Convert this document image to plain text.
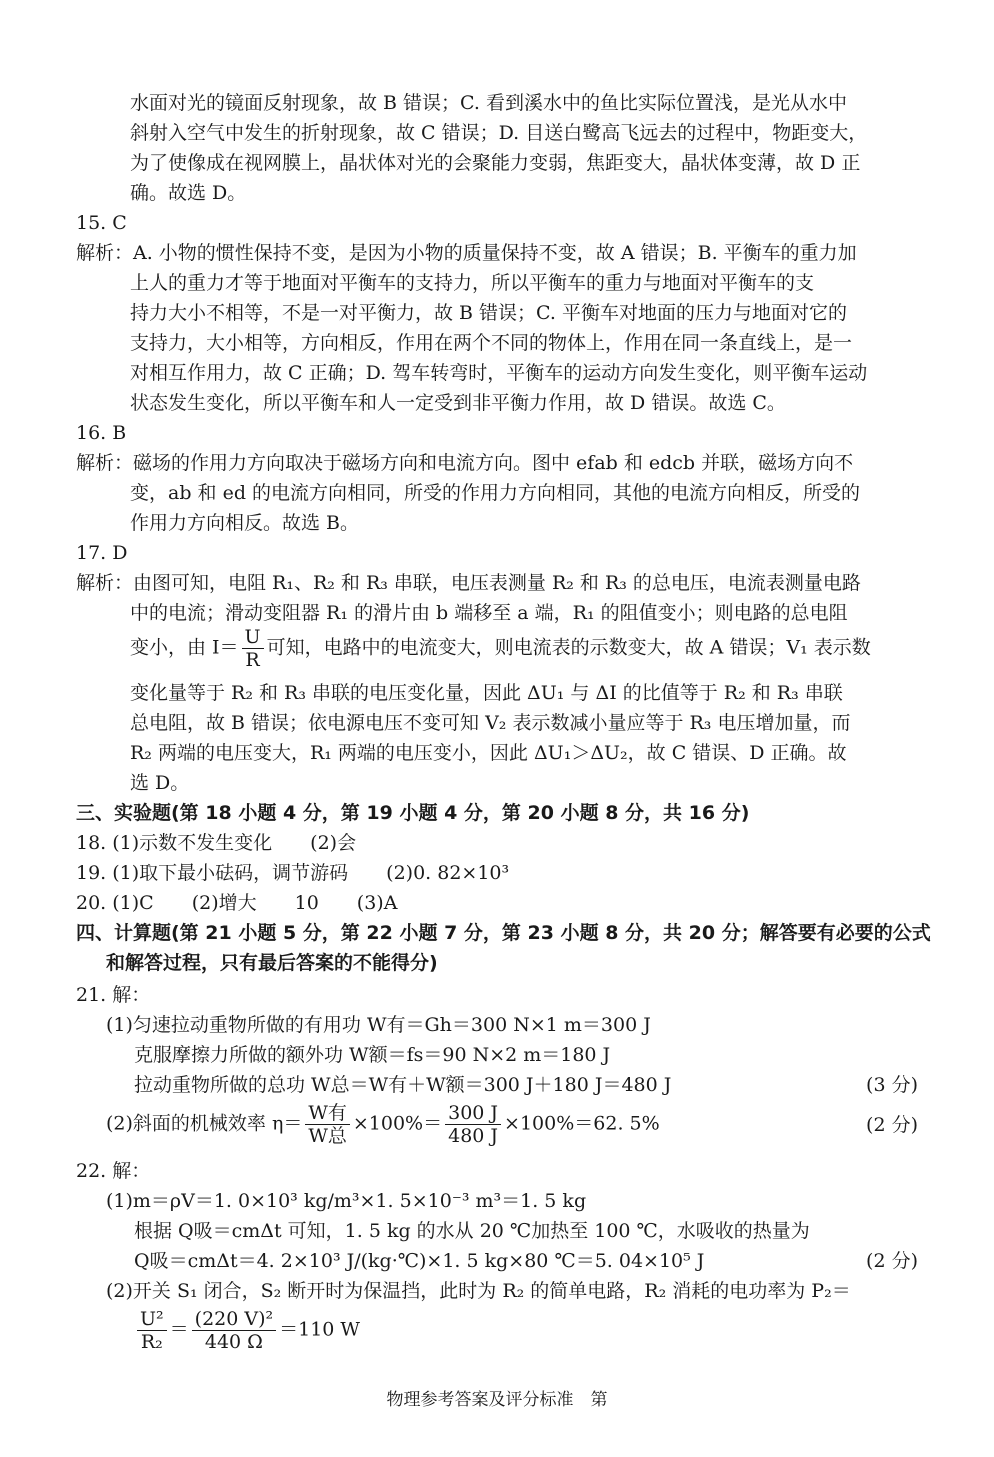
水面对光的镜面反射现象，故 B 错误；C. 看到溪水中的鱼比实际位置浅，是光从水中
斜射入空气中发生的折射现象，故 C 错误；D. 目送白鹭高飞远去的过程中，物距变大，
为了使像成在视网膜上，晶状体对光的会聚能力变弱，焦距变大，晶状体变薄，故 D 正
确。故选 D。
15. C
解析：A. 小物的惯性保持不变，是因为小物的质量保持不变，故 A 错误；B. 平衡车的重力加
上人的重力才等于地面对平衡车的支持力，所以平衡车的重力与地面对平衡车的支
持力大小不相等，不是一对平衡力，故 B 错误；C. 平衡车对地面的压力与地面对它的
支持力，大小相等，方向相反，作用在两个不同的物体上，作用在同一条直线上，是一
对相互作用力，故 C 正确；D. 驾车转弯时，平衡车的运动方向发生变化，则平衡车运动
状态发生变化，所以平衡车和人一定受到非平衡力作用，故 D 错误。故选 C。
16. B
解析：磁场的作用力方向取决于磁场方向和电流方向。图中 efab 和 edcb 并联，磁场方向不
变，ab 和 ed 的电流方向相同，所受的作用力方向相同，其他的电流方向相反，所受的
作用力方向相反。故选 B。
17. D
解析：由图可知，电阻 R₁、R₂ 和 R₃ 串联，电压表测量 R₂ 和 R₃ 的总电压，电流表测量电路
中的电流；滑动变阻器 R₁ 的滑片由 b 端移至 a 端，R₁ 的阻值变小；则电路的总电阻
变小，由 $I= \frac{U}{R}$ 可知，电路中的电流变大，则电流表的示数变大，故 A 错误；V₁ 表示数
变化量等于 R₂ 和 R₃ 串联的电压变化量，因此 ΔU₁ 与 ΔI 的比值等于 R₂ 和 R₃ 串联
总电阻，故 B 错误；依电源电压不变可知 V₂ 表示数减小量应等于 R₃ 电压增加量，而
R₂ 两端的电压变大，R₁ 两端的电压变小，因此 ΔU₁＞ΔU₂，故 C 错误、D 正确。故
选 D。
三、实验题(第 18 小题 4 分，第 19 小题 4 分，第 20 小题 8 分，共 16 分)
18. (1)示数不发生变化　　(2)会
19. (1)取下最小砝码，调节游码　　(2)0. 82×10³
20. (1)C　　(2)增大　　10　　(3)A
四、计算题(第 21 小题 5 分，第 22 小题 7 分，第 23 小题 8 分，共 20 分；解答要有必要的公式
和解答过程，只有最后答案的不能得分)
21. 解：
(1)匀速拉动重物所做的有用功 W有＝Gh＝300 N×1 m＝300 J
克服摩擦力所做的额外功 W额＝fs＝90 N×2 m＝180 J
拉动重物所做的总功 W总＝W有＋W额＝300 J＋180 J＝480 J	(3 分)
(2)斜面的机械效率 $\eta= \frac{\text{W有}}{\text{W总}} \times 100\%= \frac{300 J}{480 J} \times 100\%=62$. 5%	(2 分)
22. 解：
(1)m＝ρV＝1. 0×10³ kg/m³×1. 5×10⁻³ m³＝1. 5 kg
根据 Q吸＝cmΔt 可知，1. 5 kg 的水从 20 ℃加热至 100 ℃，水吸收的热量为
Q吸＝cmΔt＝4. 2×10³ J/(kg·℃)×1. 5 kg×80 ℃＝5. 04×10⁵ J	(2 分)
(2)开关 S₁ 闭合，S₂ 断开时为保温挡，此时为 R₂ 的简单电路，R₂ 消耗的电功率为 P₂＝
$\frac{\text{U²}}{\text{R₂}} = \frac{\text{(220 V)²}}{440 \Omega} =110$ W
物理参考答案及评分标准　第
